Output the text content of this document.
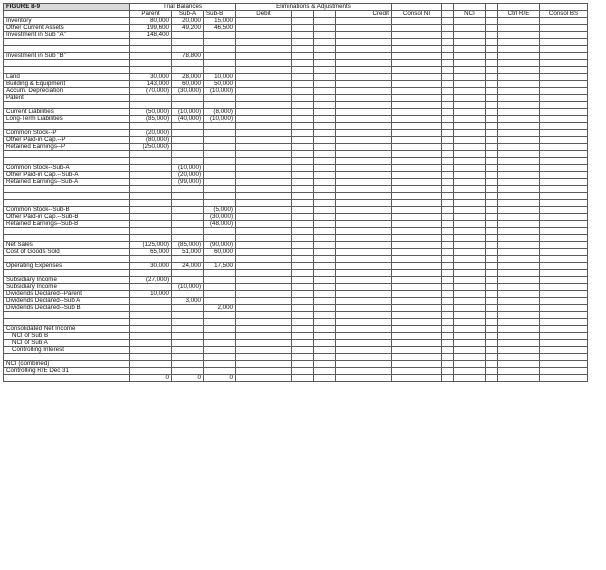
FIGURE 8-9	Trial Balances			Eliminations & Adjustments									
	Parent	Sub-A	Sub-B	Debit			Credit	Consol NI		NCI		Ctrl R/E	Consol BS
Inventory	80,000	20,000	15,000										
Other Current Assets	199,600	49,200	46,500										
Investment in Sub "A"	148,400												

Investment in Sub "B"		78,800											

Land	30,000	28,000	10,000										
Building & Equipment	143,000	60,000	50,000										
Accum. Depreciation	(70,000)	(30,000)	(10,000)										
Patent													

Current Liabilities	(50,000)	(10,000)	(8,000)										
Long-Term Liabilities	(85,000)	(40,000)	(10,000)										

Common Stock--P	(20,000)												
Other Paid-in Cap.--P	(80,000)												
Retained Earnings--P	(250,000)												

Common Stock--Sub-A		(10,000)											
Other Paid-in Cap.--Sub-A		(20,000)											
Retained Earnings--Sub-A		(99,000)											

Common Stock--Sub-B			(5,000)										
Other Paid-in Cap.--Sub-B			(30,000)										
Retained Earnings--Sub-B			(48,000)										

Net Sales	(125,000)	(85,000)	(90,000)										
Cost of Goods Sold	65,000	51,000	60,000										

Operating Expenses	30,000	24,000	17,500										

Subsidiary Income	(27,000)												
Subsidiary Income		(10,000)											
Dividends Declared--Parent	10,000												
Dividends Declared--Sub A		3,000											
Dividends Declared--Sub B			2,000										

Consolidated Net Income													
NCI of Sub B													
NCI of Sub A													
Controlling Interest													

NCI (combined)													
Controlling R/E Dec 31													
	0	0	0										
